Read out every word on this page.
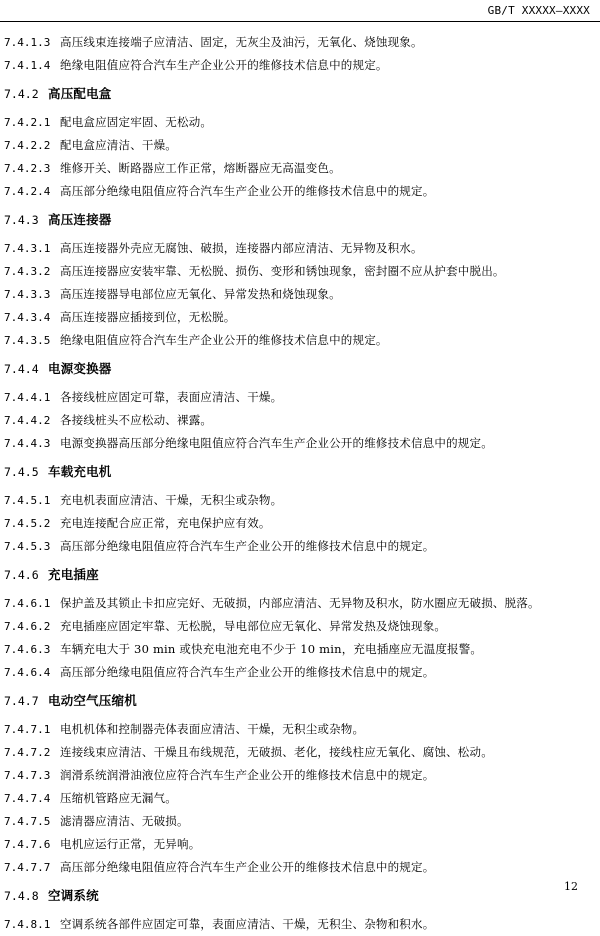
GB/T XXXXX—XXXX
7.4.1.3 高压线束连接端子应清洁、固定，无灰尘及油污，无氧化、烧蚀现象。
7.4.1.4 绝缘电阻值应符合汽车生产企业公开的维修技术信息中的规定。
7.4.2 高压配电盒
7.4.2.1 配电盒应固定牢固、无松动。
7.4.2.2 配电盒应清洁、干燥。
7.4.2.3 维修开关、断路器应工作正常，熔断器应无高温变色。
7.4.2.4 高压部分绝缘电阻值应符合汽车生产企业公开的维修技术信息中的规定。
7.4.3 高压连接器
7.4.3.1 高压连接器外壳应无腐蚀、破损，连接器内部应清洁、无异物及积水。
7.4.3.2 高压连接器应安装牢靠、无松脱、损伤、变形和锈蚀现象，密封圈不应从护套中脱出。
7.4.3.3 高压连接器导电部位应无氧化、异常发热和烧蚀现象。
7.4.3.4 高压连接器应插接到位，无松脱。
7.4.3.5 绝缘电阻值应符合汽车生产企业公开的维修技术信息中的规定。
7.4.4 电源变换器
7.4.4.1 各接线桩应固定可靠，表面应清洁、干燥。
7.4.4.2 各接线桩头不应松动、裸露。
7.4.4.3 电源变换器高压部分绝缘电阻值应符合汽车生产企业公开的维修技术信息中的规定。
7.4.5 车载充电机
7.4.5.1 充电机表面应清洁、干燥，无积尘或杂物。
7.4.5.2 充电连接配合应正常，充电保护应有效。
7.4.5.3 高压部分绝缘电阻值应符合汽车生产企业公开的维修技术信息中的规定。
7.4.6 充电插座
7.4.6.1 保护盖及其锁止卡扣应完好、无破损，内部应清洁、无异物及积水，防水圈应无破损、脱落。
7.4.6.2 充电插座应固定牢靠、无松脱，导电部位应无氧化、异常发热及烧蚀现象。
7.4.6.3 车辆充电大于 30 min 或快充电池充电不少于 10 min，充电插座应无温度报警。
7.4.6.4 高压部分绝缘电阻值应符合汽车生产企业公开的维修技术信息中的规定。
7.4.7 电动空气压缩机
7.4.7.1 电机机体和控制器壳体表面应清洁、干燥，无积尘或杂物。
7.4.7.2 连接线束应清洁、干燥且布线规范，无破损、老化，接线柱应无氧化、腐蚀、松动。
7.4.7.3 润滑系统润滑油液位应符合汽车生产企业公开的维修技术信息中的规定。
7.4.7.4 压缩机管路应无漏气。
7.4.7.5 滤清器应清洁、无破损。
7.4.7.6 电机应运行正常，无异响。
7.4.7.7 高压部分绝缘电阻值应符合汽车生产企业公开的维修技术信息中的规定。
7.4.8 空调系统
7.4.8.1 空调系统各部件应固定可靠，表面应清洁、干燥，无积尘、杂物和积水。
12
